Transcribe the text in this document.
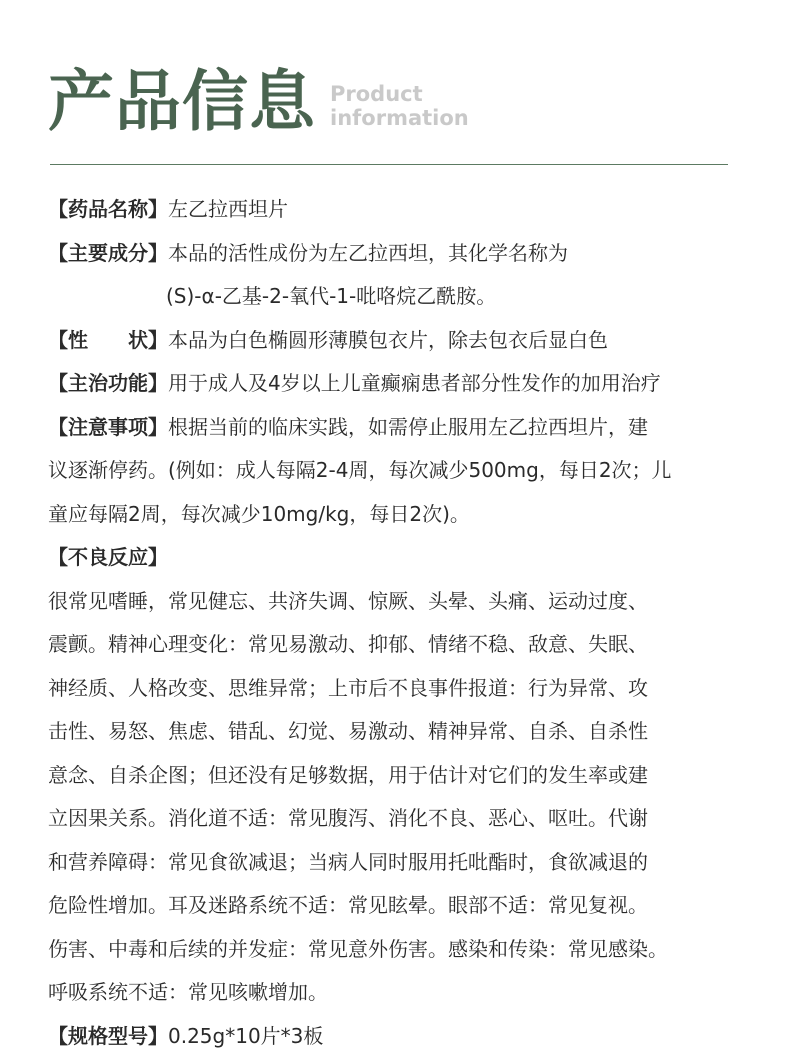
产品信息 Product
information
【药品名称】左乙拉西坦片
【主要成分】本品的活性成份为左乙拉西坦，其化学名称为
(S)-α-乙基-2-氧代-1-吡咯烷乙酰胺。
【性　　状】本品为白色椭圆形薄膜包衣片，除去包衣后显白色
【主治功能】用于成人及4岁以上儿童癫痫患者部分性发作的加用治疗
【注意事项】根据当前的临床实践，如需停止服用左乙拉西坦片，建
议逐渐停药。(例如：成人每隔2-4周，每次减少500mg，每日2次；儿
童应每隔2周，每次减少10mg/kg，每日2次)。
【不良反应】
很常见嗜睡，常见健忘、共济失调、惊厥、头晕、头痛、运动过度、
震颤。精神心理变化：常见易激动、抑郁、情绪不稳、敌意、失眠、
神经质、人格改变、思维异常；上市后不良事件报道：行为异常、攻
击性、易怒、焦虑、错乱、幻觉、易激动、精神异常、自杀、自杀性
意念、自杀企图；但还没有足够数据，用于估计对它们的发生率或建
立因果关系。消化道不适：常见腹泻、消化不良、恶心、呕吐。代谢
和营养障碍：常见食欲减退；当病人同时服用托吡酯时，食欲减退的
危险性增加。耳及迷路系统不适：常见眩晕。眼部不适：常见复视。
伤害、中毒和后续的并发症：常见意外伤害。感染和传染：常见感染。
呼吸系统不适：常见咳嗽增加。
【规格型号】0.25g*10片*3板
